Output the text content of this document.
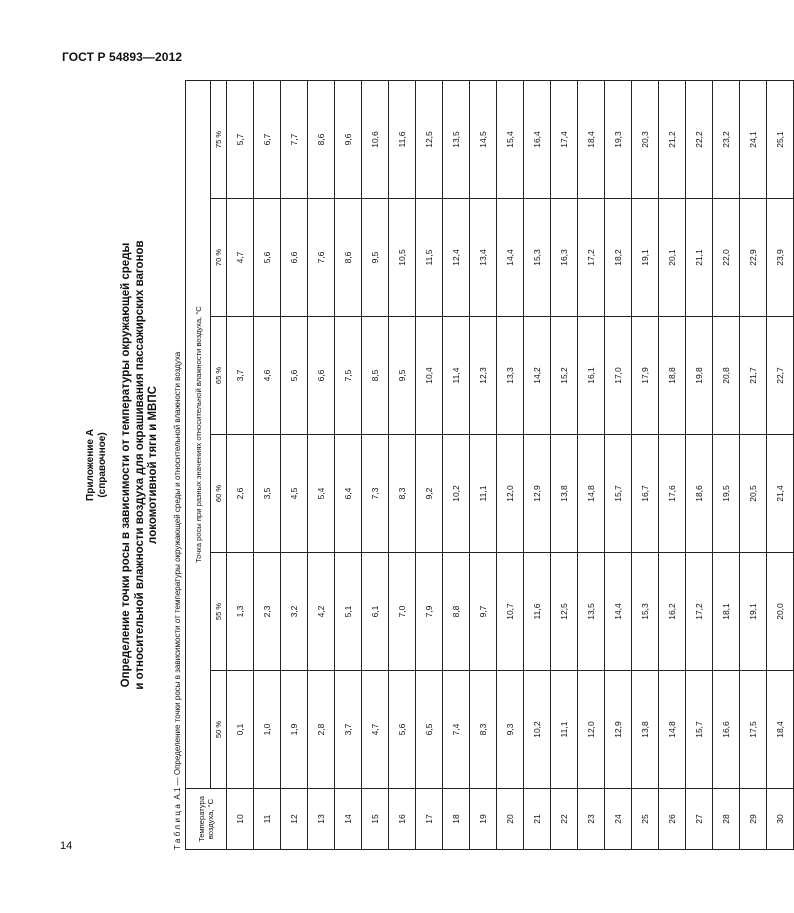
ГОСТ Р 54893—2012
14
Приложение А (справочное) Определение точки росы в зависимости от температуры окружающей среды и относительной влажности воздуха для окрашивания пассажирских вагонов локомотивной тяги и МВПС
Таблица А.1 — Определение точки росы в зависимости от температуры окружающей среды и относительной влажности воздуха
Температура воздуха, °С	Точка росы при разных значениях относительной влажности воздуха, °С					
	50 %	55 %	60 %	65 %	70 %	75 %
10	0,1	1,3	2,6	3,7	4,7	5,7
11	1,0	2,3	3,5	4,6	5,6	6,7
12	1,9	3,2	4,5	5,6	6,6	7,7
13	2,8	4,2	5,4	6,6	7,6	8,6
14	3,7	5,1	6,4	7,5	8,6	9,6
15	4,7	6,1	7,3	8,5	9,5	10,6
16	5,6	7,0	8,3	9,5	10,5	11,6
17	6,5	7,9	9,2	10,4	11,5	12,5
18	7,4	8,8	10,2	11,4	12,4	13,5
19	8,3	9,7	11,1	12,3	13,4	14,5
20	9,3	10,7	12,0	13,3	14,4	15,4
21	10,2	11,6	12,9	14,2	15,3	16,4
22	11,1	12,5	13,8	15,2	16,3	17,4
23	12,0	13,5	14,8	16,1	17,2	18,4
24	12,9	14,4	15,7	17,0	18,2	19,3
25	13,8	15,3	16,7	17,9	19,1	20,3
26	14,8	16,2	17,6	18,8	20,1	21,2
27	15,7	17,2	18,6	19,8	21,1	22,2
28	16,6	18,1	19,5	20,8	22,0	23,2
29	17,5	19,1	20,5	21,7	22,9	24,1
30	18,4	20,0	21,4	22,7	23,9	25,1
